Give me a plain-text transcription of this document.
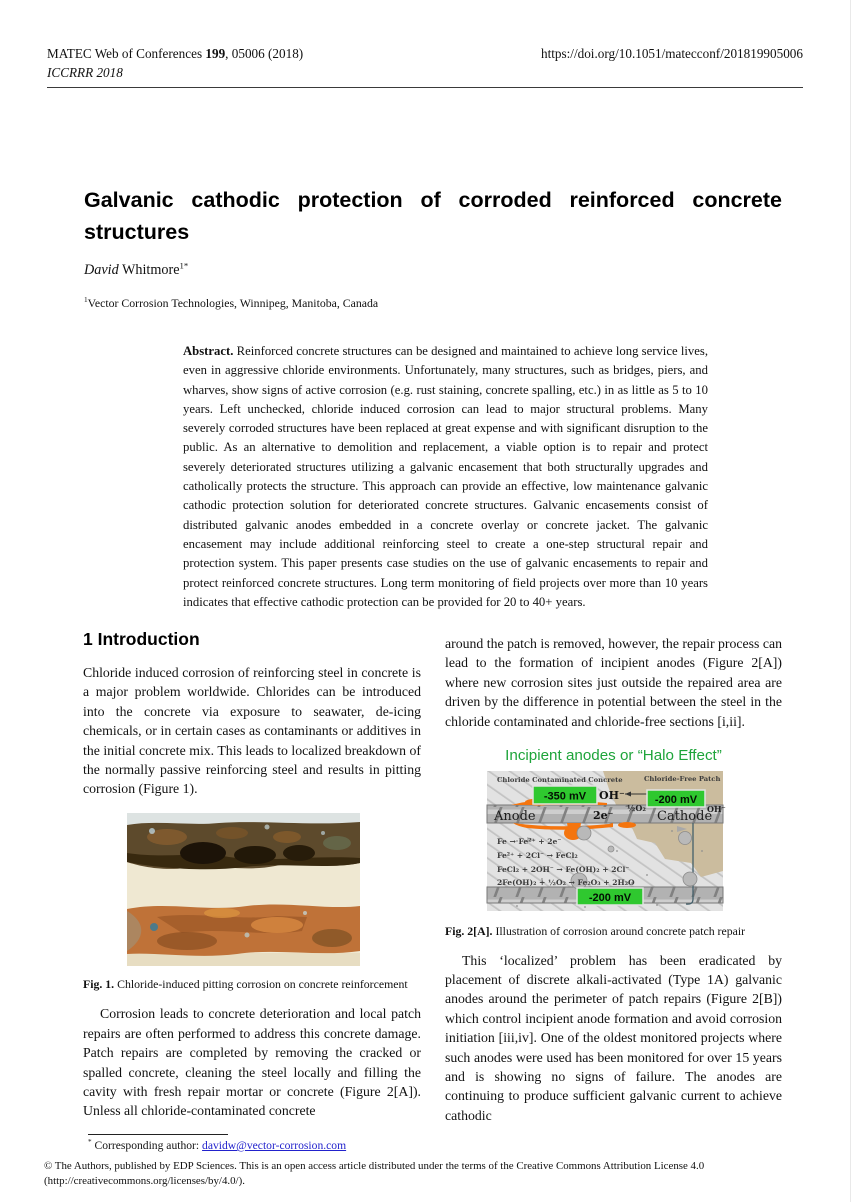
MATEC Web of Conferences 199, 05006 (2018)	https://doi.org/10.1051/matecconf/201819905006
ICCRRR 2018
Galvanic cathodic protection of corroded reinforced concrete structures
David Whitmore$^{1*}$
$^1$Vector Corrosion Technologies, Winnipeg, Manitoba, Canada
Abstract. Reinforced concrete structures can be designed and maintained to achieve long service lives, even in aggressive chloride environments. Unfortunately, many structures, such as bridges, piers, and wharves, show signs of active corrosion (e.g. rust staining, concrete spalling, etc.) in as little as 5 to 10 years. Left unchecked, chloride induced corrosion can lead to major structural problems. Many severely corroded structures have been replaced at great expense and with significant disruption to the public. As an alternative to demolition and replacement, a viable option is to repair and protect severely deteriorated structures utilizing a galvanic encasement that both structurally upgrades and catholically protects the structure. This approach can provide an effective, low maintenance galvanic cathodic protection solution for deteriorated concrete structures. Galvanic encasements consist of distributed galvanic anodes embedded in a concrete overlay or concrete jacket. The galvanic encasement may include additional reinforcing steel to create a one-step structural repair and protection system. This paper presents case studies on the use of galvanic encasements to repair and protect reinforced concrete structures. Long term monitoring of field projects over more than 10 years indicates that effective cathodic protection can be provided for 20 to 40+ years.
1 Introduction

Chloride induced corrosion of reinforcing steel in concrete is a major problem worldwide. Chlorides can be introduced into the concrete via exposure to seawater, de-icing chemicals, or in certain cases as contaminants or additives in the initial concrete mix. This leads to localized breakdown of the normally passive reinforcing steel and results in pitting corrosion (Figure 1).

Fig. 1. Chloride-induced pitting corrosion on concrete reinforcement

Corrosion leads to concrete deterioration and local patch repairs are often performed to address this concrete damage. Patch repairs are completed by removing the cracked or spalled concrete, cleaning the steel locally and filling the cavity with fresh repair mortar or concrete (Figure 2[A]). Unless all chloride-contaminated concrete

around the patch is removed, however, the repair process can lead to the formation of incipient anodes (Figure 2[A]) where new corrosion sites just outside the repaired area are driven by the difference in potential between the steel in the chloride contaminated and chloride-free sections [i,ii].

Incipient anodes or “Halo Effect”
Chloride Contaminated Concrete	Chloride-Free Patch
-350 mV	-200 mV
-200 mV
OH⁻
½O₂	OH⁻
Anode	Cathode
2e⁻
Fe → Fe²⁺ + 2e⁻
Fe²⁺ + 2Cl⁻ → FeCl₂
FeCl₂ + 2OH⁻ → Fe(OH)₂ + 2Cl⁻
2Fe(OH)₂ + ½O₂ → Fe₂O₃ + 2H₂O
Fig. 2[A]. Illustration of corrosion around concrete patch repair

This ‘localized’ problem has been eradicated by placement of discrete alkali-activated (Type 1A) galvanic anodes around the perimeter of patch repairs (Figure 2[B]) which control incipient anode formation and avoid corrosion initiation [iii,iv]. One of the oldest monitored projects where such anodes were used has been monitored for over 15 years and is showing no signs of failure. The anodes are continuing to produce sufficient galvanic current to achieve cathodic

* Corresponding author: davidw@vector-corrosion.com
© The Authors, published by EDP Sciences. This is an open access article distributed under the terms of the Creative Commons Attribution License 4.0 (http://creativecommons.org/licenses/by/4.0/).
